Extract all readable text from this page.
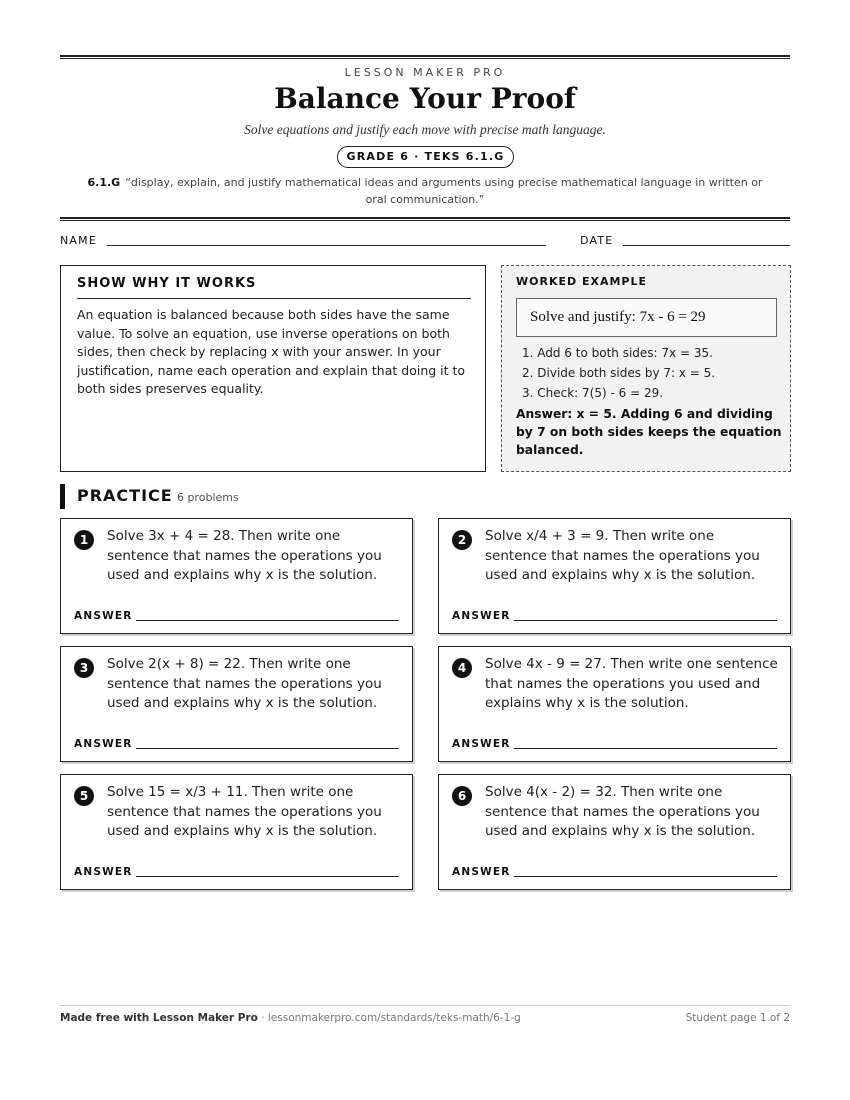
LESSON MAKER PRO
Balance Your Proof
Solve equations and justify each move with precise math language.
GRADE 6 · TEKS 6.1.G
6.1.G “display, explain, and justify mathematical ideas and arguments using precise mathematical language in written or oral communication.”
NAME	DATE
SHOW WHY IT WORKS
An equation is balanced because both sides have the same value. To solve an equation, use inverse operations on both sides, then check by replacing x with your answer. In your justification, name each operation and explain that doing it to both sides preserves equality.
WORKED EXAMPLE
Solve and justify: 7x - 6 = 29
1. Add 6 to both sides: 7x = 35.
2. Divide both sides by 7: x = 5.
3. Check: 7(5) - 6 = 29.
Answer: x = 5. Adding 6 and dividing by 7 on both sides keeps the equation balanced.
PRACTICE 6 problems
1	Solve 3x + 4 = 28. Then write one sentence that names the operations you used and explains why x is the solution.
ANSWER
2	Solve x/4 + 3 = 9. Then write one sentence that names the operations you used and explains why x is the solution.
ANSWER
3	Solve 2(x + 8) = 22. Then write one sentence that names the operations you used and explains why x is the solution.
ANSWER
4	Solve 4x - 9 = 27. Then write one sentence that names the operations you used and explains why x is the solution.
ANSWER
5	Solve 15 = x/3 + 11. Then write one sentence that names the operations you used and explains why x is the solution.
ANSWER
6	Solve 4(x - 2) = 32. Then write one sentence that names the operations you used and explains why x is the solution.
ANSWER
Made free with Lesson Maker Pro · lessonmakerpro.com/standards/teks-math/6-1-g	Student page 1 of 2
